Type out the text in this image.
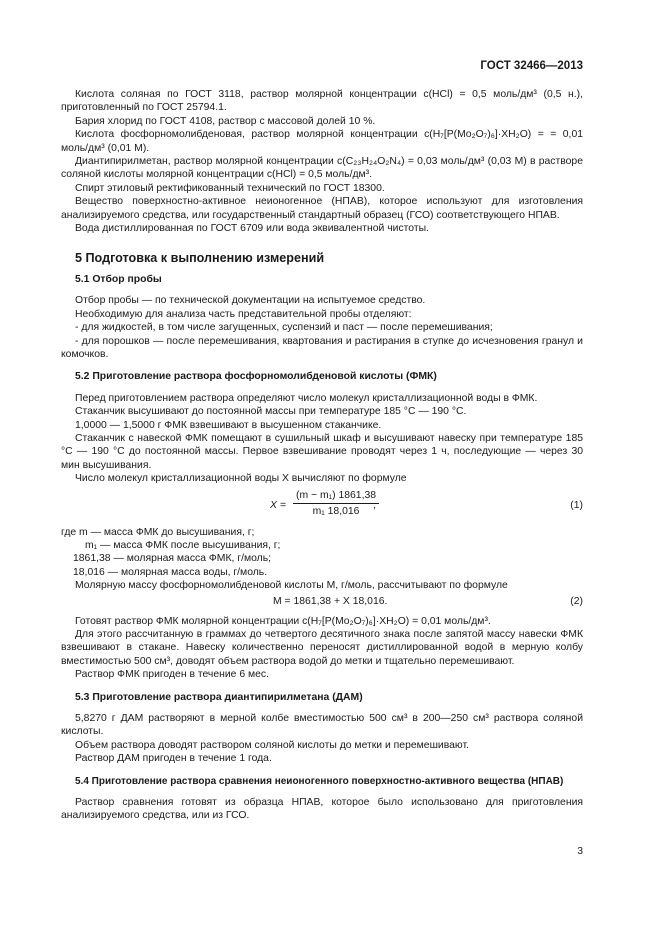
ГОСТ 32466—2013

Кислота соляная по ГОСТ 3118, раствор молярной концентрации c(HCl) = 0,5 моль/дм³ (0,5 н.), приготовленный по ГОСТ 25794.1.

Бария хлорид по ГОСТ 4108, раствор с массовой долей 10 %.

Кислота фосфорномолибденовая, раствор молярной концентрации c(H₇[P(Mo₂O₇)₆]·XH₂O) = = 0,01 моль/дм³ (0,01 М).

Диантипирилметан, раствор молярной концентрации c(C₂₃H₂₄O₂N₄) = 0,03 моль/дм³ (0,03 М) в растворе соляной кислоты молярной концентрации c(HCl) = 0,5 моль/дм³.

Спирт этиловый ректификованный технический по ГОСТ 18300.

Вещество поверхностно-активное неионогенное (НПАВ), которое используют для изготовления анализируемого средства, или государственный стандартный образец (ГСО) соответствующего НПАВ.

Вода дистиллированная по ГОСТ 6709 или вода эквивалентной чистоты.

5 Подготовка к выполнению измерений
5.1 Отбор пробы

Отбор пробы — по технической документации на испытуемое средство.

Необходимую для анализа часть представительной пробы отделяют:

- для жидкостей, в том числе загущенных, суспензий и паст — после перемешивания;

- для порошков — после перемешивания, квартования и растирания в ступке до исчезновения гранул и комочков.

5.2 Приготовление раствора фосфорномолибденовой кислоты (ФМК)

Перед приготовлением раствора определяют число молекул кристаллизационной воды в ФМК.

Стаканчик высушивают до постоянной массы при температуре 185 °С — 190 °С.

1,0000 — 1,5000 г ФМК взвешивают в высушенном стаканчике.

Стаканчик с навеской ФМК помещают в сушильный шкаф и высушивают навеску при температуре 185 °С — 190 °С до постоянной массы. Первое взвешивание проводят через 1 ч, последующие — через 30 мин высушивания.

Число молекул кристаллизационной воды X вычисляют по формуле

$X = \frac{\text{(m − m₁) 1861,38}}{\text{m₁ 18,016}}$
,	(1)

где m — масса ФМК до высушивания, г;

m₁ — масса ФМК после высушивания, г;

1861,38 — молярная масса ФМК, г/моль;

18,016 — молярная масса воды, г/моль.

Молярную массу фосфорномолибденовой кислоты M, г/моль, рассчитывают по формуле

M = 1861,38 + X 18,016.	(2)

Готовят раствор ФМК молярной концентрации c(H₇[P(Mo₂O₇)₆]·XH₂O) = 0,01 моль/дм³.

Для этого рассчитанную в граммах до четвертого десятичного знака после запятой массу навески ФМК взвешивают в стакане. Навеску количественно переносят дистиллированной водой в мерную колбу вместимостью 500 см³, доводят объем раствора водой до метки и тщательно перемешивают.

Раствор ФМК пригоден в течение 6 мес.

5.3 Приготовление раствора диантипирилметана (ДАМ)

5,8270 г ДАМ растворяют в мерной колбе вместимостью 500 см³ в 200—250 см³ раствора соляной кислоты.

Объем раствора доводят раствором соляной кислоты до метки и перемешивают.

Раствор ДАМ пригоден в течение 1 года.

5.4 Приготовление раствора сравнения неионогенного поверхностно-активного вещества (НПАВ)

Раствор сравнения готовят из образца НПАВ, которое было использовано для приготовления анализируемого средства, или из ГСО.

3
